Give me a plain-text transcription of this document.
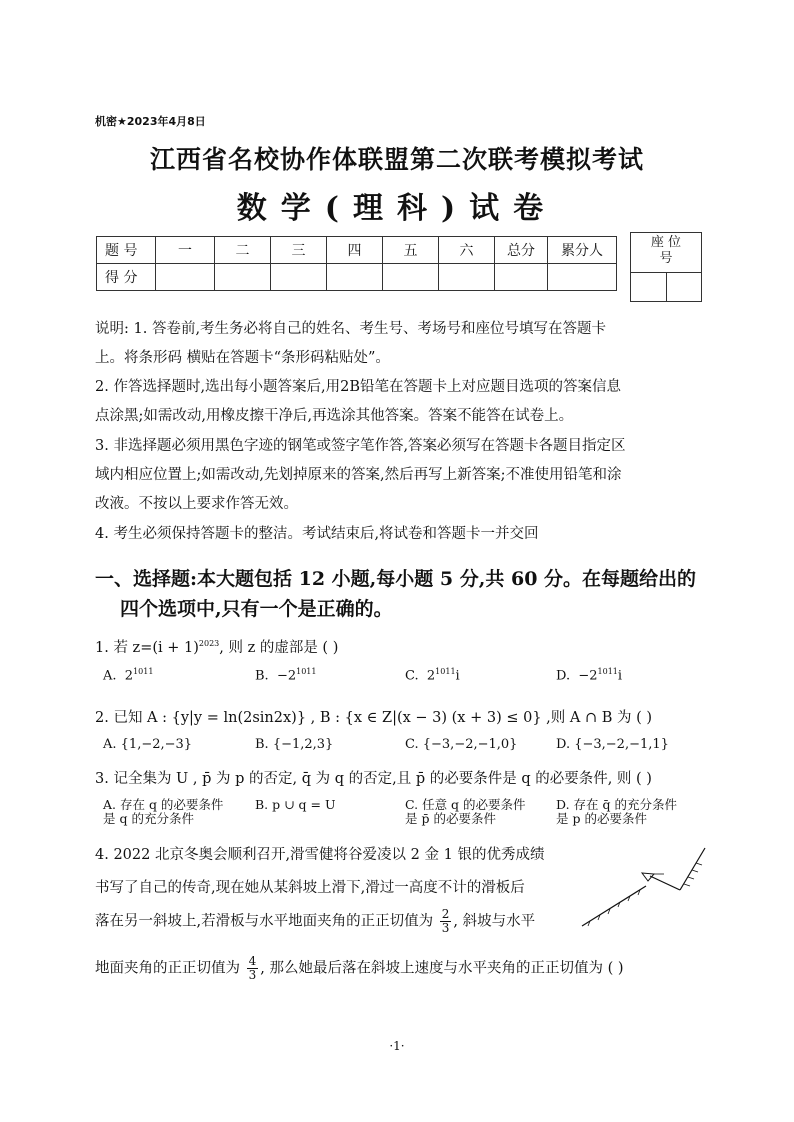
机密★2023年4月8日
江西省名校协作体联盟第二次联考模拟考试
数学(理科)试卷
题 号	一	二	三	四	五	六	总分	累分人
得 分								
座 位
号
说明: 1. 答卷前,考生务必将自己的姓名、考生号、考场号和座位号填写在答题卡
上。将条形码 横贴在答题卡“条形码粘贴处”。
2. 作答选择题时,选出每小题答案后,用2B铅笔在答题卡上对应题目选项的答案信息
点涂黑;如需改动,用橡皮擦干净后,再选涂其他答案。答案不能答在试卷上。
3. 非选择题必须用黑色字迹的钢笔或签字笔作答,答案必须写在答题卡各题目指定区
域内相应位置上;如需改动,先划掉原来的答案,然后再写上新答案;不准使用铅笔和涂
改液。不按以上要求作答无效。
4. 考生必须保持答题卡的整洁。考试结束后,将试卷和答题卡一并交回
一、选择题:本大题包括 12 小题,每小题 5 分,共 60 分。在每题给出的
四个选项中,只有一个是正确的。
1. 若 $z=(i + 1)^{2023}$, 则 z 的虚部是 ( )
A. $2^{1011}$	B. $-2^{1011}$	C. $2^{1011}i$	D. $-2^{1011}i$
2. 已知 A : {y|y = ln(2sin2x)} , B : {x ∈ Z|(x − 3) (x + 3) ≤ 0} ,则 A ∩ B 为 ( )
A. {1,−2,−3}	B. {−1,2,3}	C. {−3,−2,−1,0}	D. {−3,−2,−1,1}
3. 记全集为 U , p̄ 为 p 的否定, q̄ 为 q 的否定,且 p̄ 的必要条件是 q 的必要条件, 则 ( )
A. 存在 q 的必要条件
是 q 的充分条件
B. p ∪ q = U	C. 任意 q 的必要条件
是 p̄ 的必要条件
D. 存在 q̄ 的充分条件
是 p 的必要条件
4. 2022 北京冬奥会顺利召开,滑雪健将谷爱凌以 2 金 1 银的优秀成绩
书写了自己的传奇,现在她从某斜坡上滑下,滑过一高度不计的滑板后
落在另一斜坡上,若滑板与水平地面夹角的正正切值为 $\frac{2}{3}$ , 斜坡与水平
地面夹角的正正切值为 $\frac{4}{3}$ , 那么她最后落在斜坡上速度与水平夹角的正正切值为 ( )
·1·
